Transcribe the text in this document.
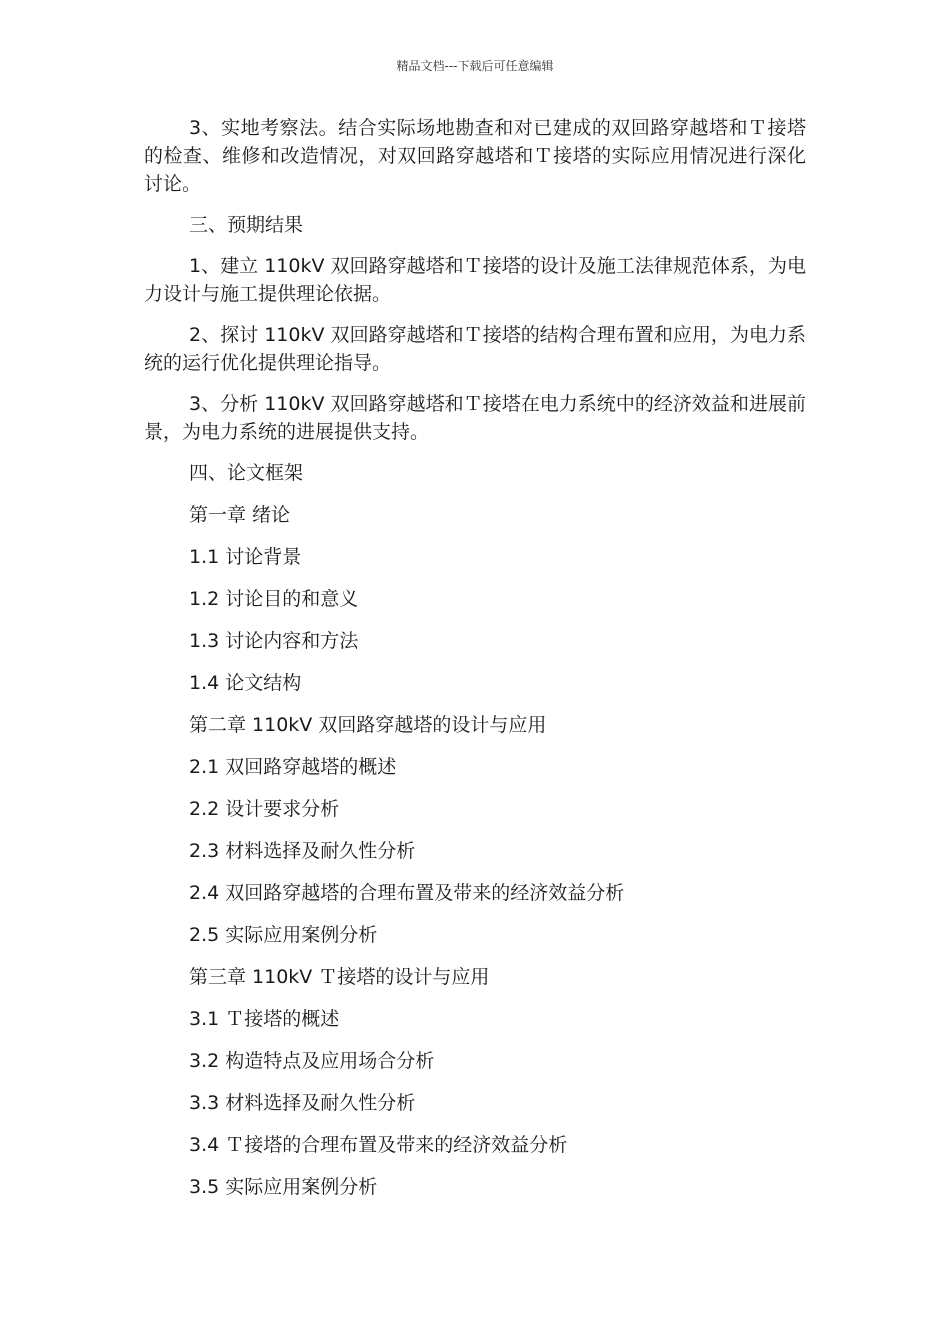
精品文档---下载后可任意编辑

3、实地考察法。结合实际场地勘查和对已建成的双回路穿越塔和Ｔ接塔的检查、维修和改造情况，对双回路穿越塔和Ｔ接塔的实际应用情况进行深化讨论。

三、预期结果

1、建立 110kV 双回路穿越塔和Ｔ接塔的设计及施工法律规范体系，为电力设计与施工提供理论依据。

2、探讨 110kV 双回路穿越塔和Ｔ接塔的结构合理布置和应用，为电力系统的运行优化提供理论指导。

3、分析 110kV 双回路穿越塔和Ｔ接塔在电力系统中的经济效益和进展前景，为电力系统的进展提供支持。

四、论文框架
第一章 绪论
1.1 讨论背景
1.2 讨论目的和意义
1.3 讨论内容和方法
1.4 论文结构
第二章 110kV 双回路穿越塔的设计与应用
2.1 双回路穿越塔的概述
2.2 设计要求分析
2.3 材料选择及耐久性分析
2.4 双回路穿越塔的合理布置及带来的经济效益分析
2.5 实际应用案例分析
第三章 110kV Ｔ接塔的设计与应用
3.1 Ｔ接塔的概述
3.2 构造特点及应用场合分析
3.3 材料选择及耐久性分析
3.4 Ｔ接塔的合理布置及带来的经济效益分析
3.5 实际应用案例分析
